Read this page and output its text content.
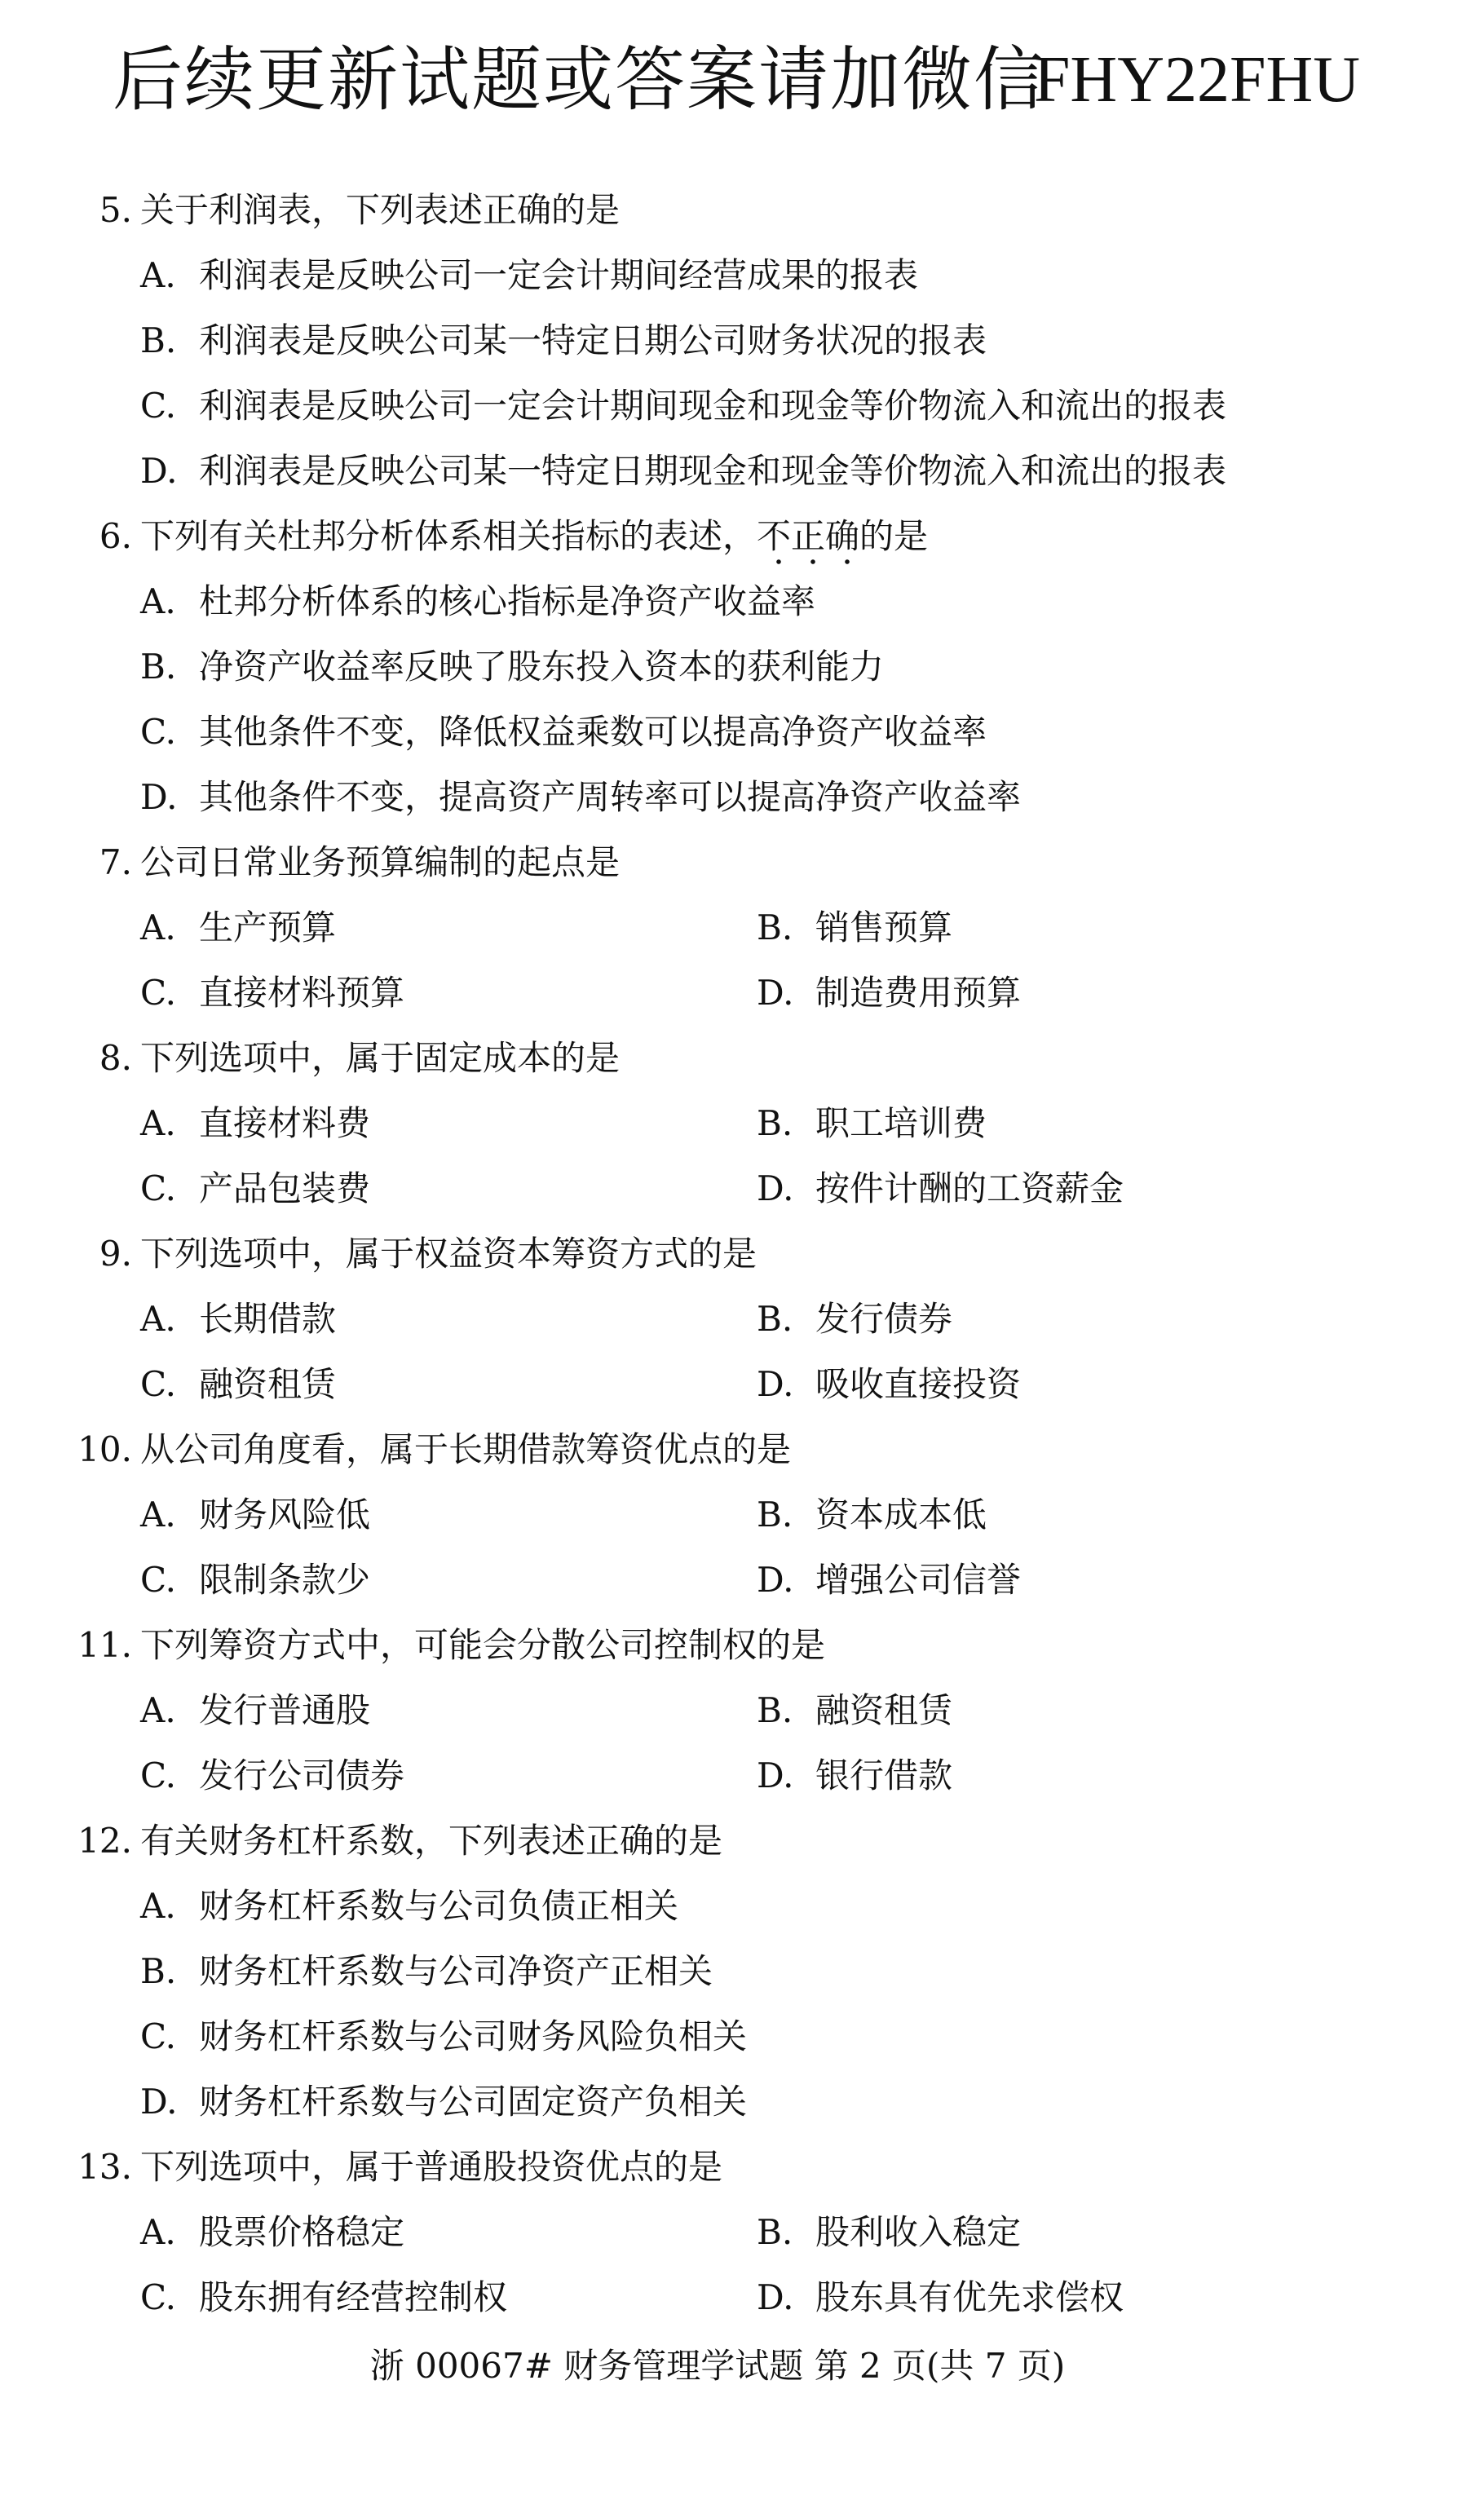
后续更新试题或答案请加微信
FHY22FHU
5. 关于利润表，下列表述正确的是
A. 利润表是反映公司一定会计期间经营成果的报表
B. 利润表是反映公司某一特定日期公司财务状况的报表
C. 利润表是反映公司一定会计期间现金和现金等价物流入和流出的报表
D. 利润表是反映公司某一特定日期现金和现金等价物流入和流出的报表
6. 下列有关杜邦分析体系相关指标的表述，不正确的是
A. 杜邦分析体系的核心指标是净资产收益率
B. 净资产收益率反映了股东投入资本的获利能力
C. 其他条件不变，降低权益乘数可以提高净资产收益率
D. 其他条件不变，提高资产周转率可以提高净资产收益率
7. 公司日常业务预算编制的起点是
A. 生产预算	B. 销售预算
C. 直接材料预算	D. 制造费用预算
8. 下列选项中，属于固定成本的是
A. 直接材料费	B. 职工培训费
C. 产品包装费	D. 按件计酬的工资薪金
9. 下列选项中，属于权益资本筹资方式的是
A. 长期借款	B. 发行债券
C. 融资租赁	D. 吸收直接投资
10. 从公司角度看，属于长期借款筹资优点的是
A. 财务风险低	B. 资本成本低
C. 限制条款少	D. 增强公司信誉
11. 下列筹资方式中，可能会分散公司控制权的是
A. 发行普通股	B. 融资租赁
C. 发行公司债券	D. 银行借款
12. 有关财务杠杆系数，下列表述正确的是
A. 财务杠杆系数与公司负债正相关
B. 财务杠杆系数与公司净资产正相关
C. 财务杠杆系数与公司财务风险负相关
D. 财务杠杆系数与公司固定资产负相关
13. 下列选项中，属于普通股投资优点的是
A. 股票价格稳定	B. 股利收入稳定
C. 股东拥有经营控制权	D. 股东具有优先求偿权
浙 00067# 财务管理学试题 第 2 页(共 7 页)
